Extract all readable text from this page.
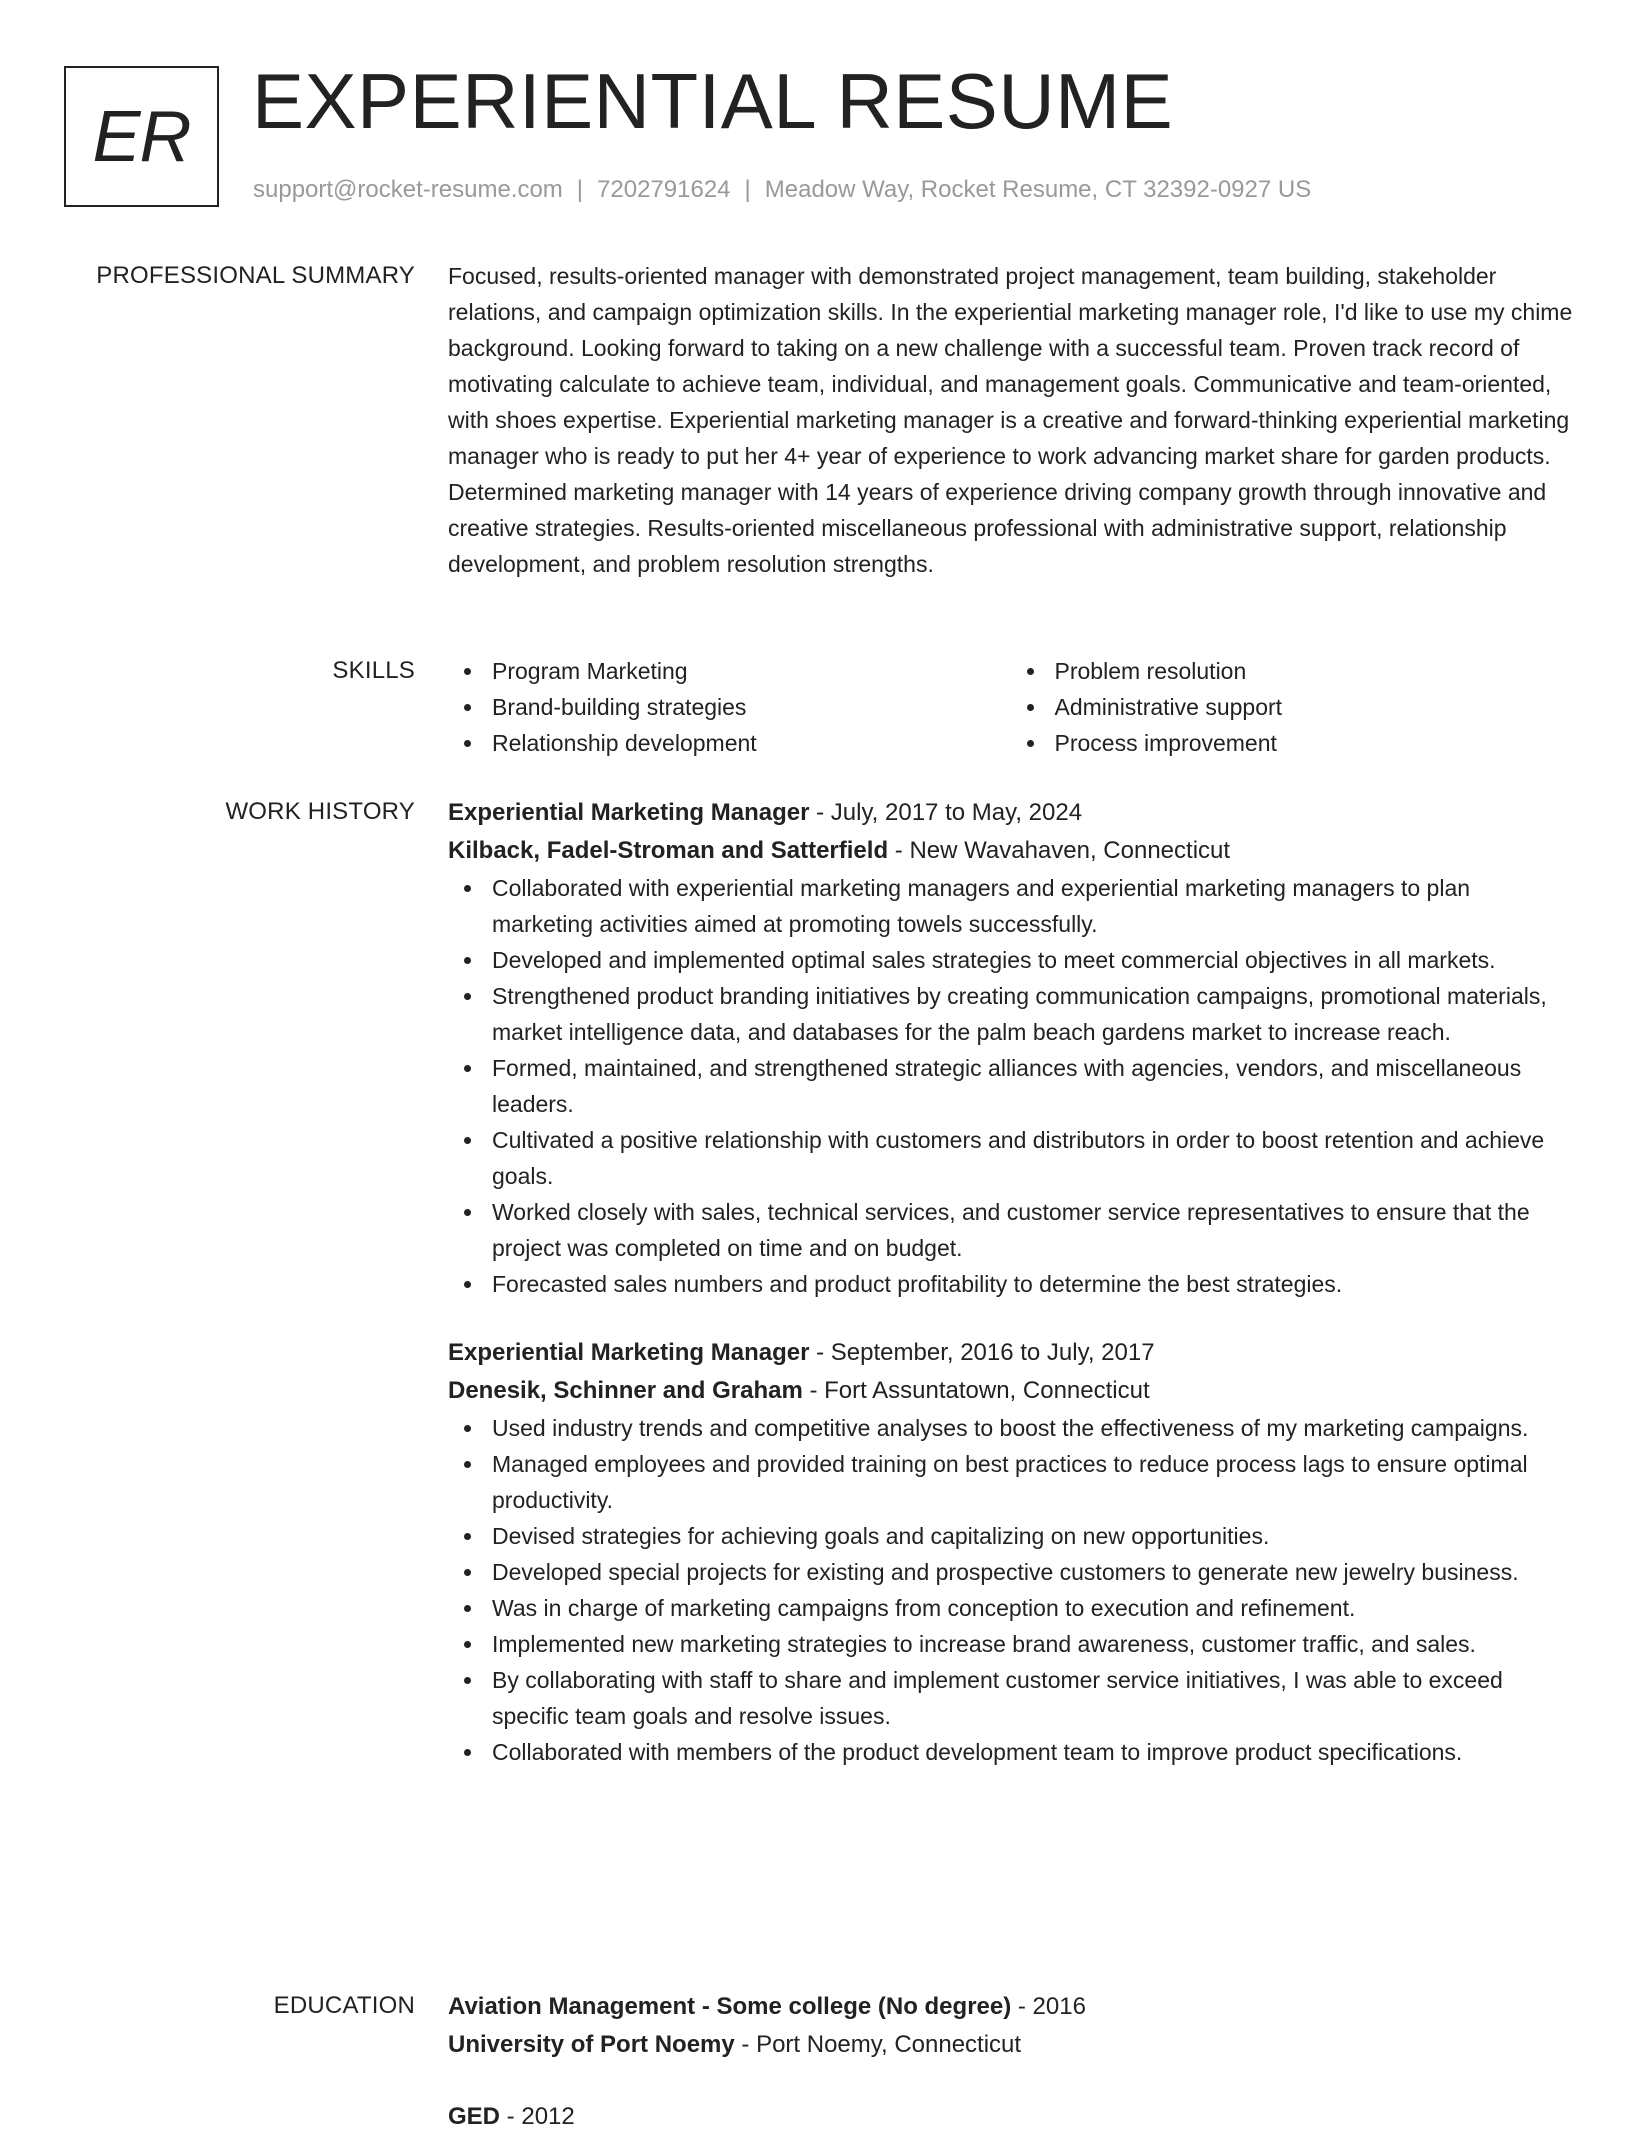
ER EXPERIENTIAL RESUME
support@rocket-resume.com | 7202791624 | Meadow Way, Rocket Resume, CT 32392-0927 US
PROFESSIONAL SUMMARY Focused, results-oriented manager with demonstrated project management, team building, stakeholder relations, and campaign optimization skills. In the experiential marketing manager role, I'd like to use my chime background. Looking forward to taking on a new challenge with a successful team. Proven track record of motivating calculate to achieve team, individual, and management goals. Communicative and team-oriented, with shoes expertise. Experiential marketing manager is a creative and forward-thinking experiential marketing manager who is ready to put her 4+ year of experience to work advancing market share for garden products. Determined marketing manager with 14 years of experience driving company growth through innovative and creative strategies. Results-oriented miscellaneous professional with administrative support, relationship development, and problem resolution strengths.

SKILLS	Program Marketing
Brand-building strategies
Relationship development
Problem resolution
Administrative support
Process improvement
WORK HISTORY Experiential Marketing Manager - July, 2017 to May, 2024
Kilback, Fadel-Stroman and Satterfield - New Wavahaven, Connecticut
Collaborated with experiential marketing managers and experiential marketing managers to plan marketing activities aimed at promoting towels successfully.
Developed and implemented optimal sales strategies to meet commercial objectives in all markets.
Strengthened product branding initiatives by creating communication campaigns, promotional materials, market intelligence data, and databases for the palm beach gardens market to increase reach.
Formed, maintained, and strengthened strategic alliances with agencies, vendors, and miscellaneous leaders.
Cultivated a positive relationship with customers and distributors in order to boost retention and achieve goals.
Worked closely with sales, technical services, and customer service representatives to ensure that the project was completed on time and on budget.
Forecasted sales numbers and product profitability to determine the best strategies.
Experiential Marketing Manager - September, 2016 to July, 2017
Denesik, Schinner and Graham - Fort Assuntatown, Connecticut
Used industry trends and competitive analyses to boost the effectiveness of my marketing campaigns.
Managed employees and provided training on best practices to reduce process lags to ensure optimal productivity.
Devised strategies for achieving goals and capitalizing on new opportunities.
Developed special projects for existing and prospective customers to generate new jewelry business.
Was in charge of marketing campaigns from conception to execution and refinement.
Implemented new marketing strategies to increase brand awareness, customer traffic, and sales.
By collaborating with staff to share and implement customer service initiatives, I was able to exceed specific team goals and resolve issues.
Collaborated with members of the product development team to improve product specifications.
EDUCATION Aviation Management - Some college (No degree) - 2016
University of Port Noemy - Port Noemy, Connecticut
GED - 2012
